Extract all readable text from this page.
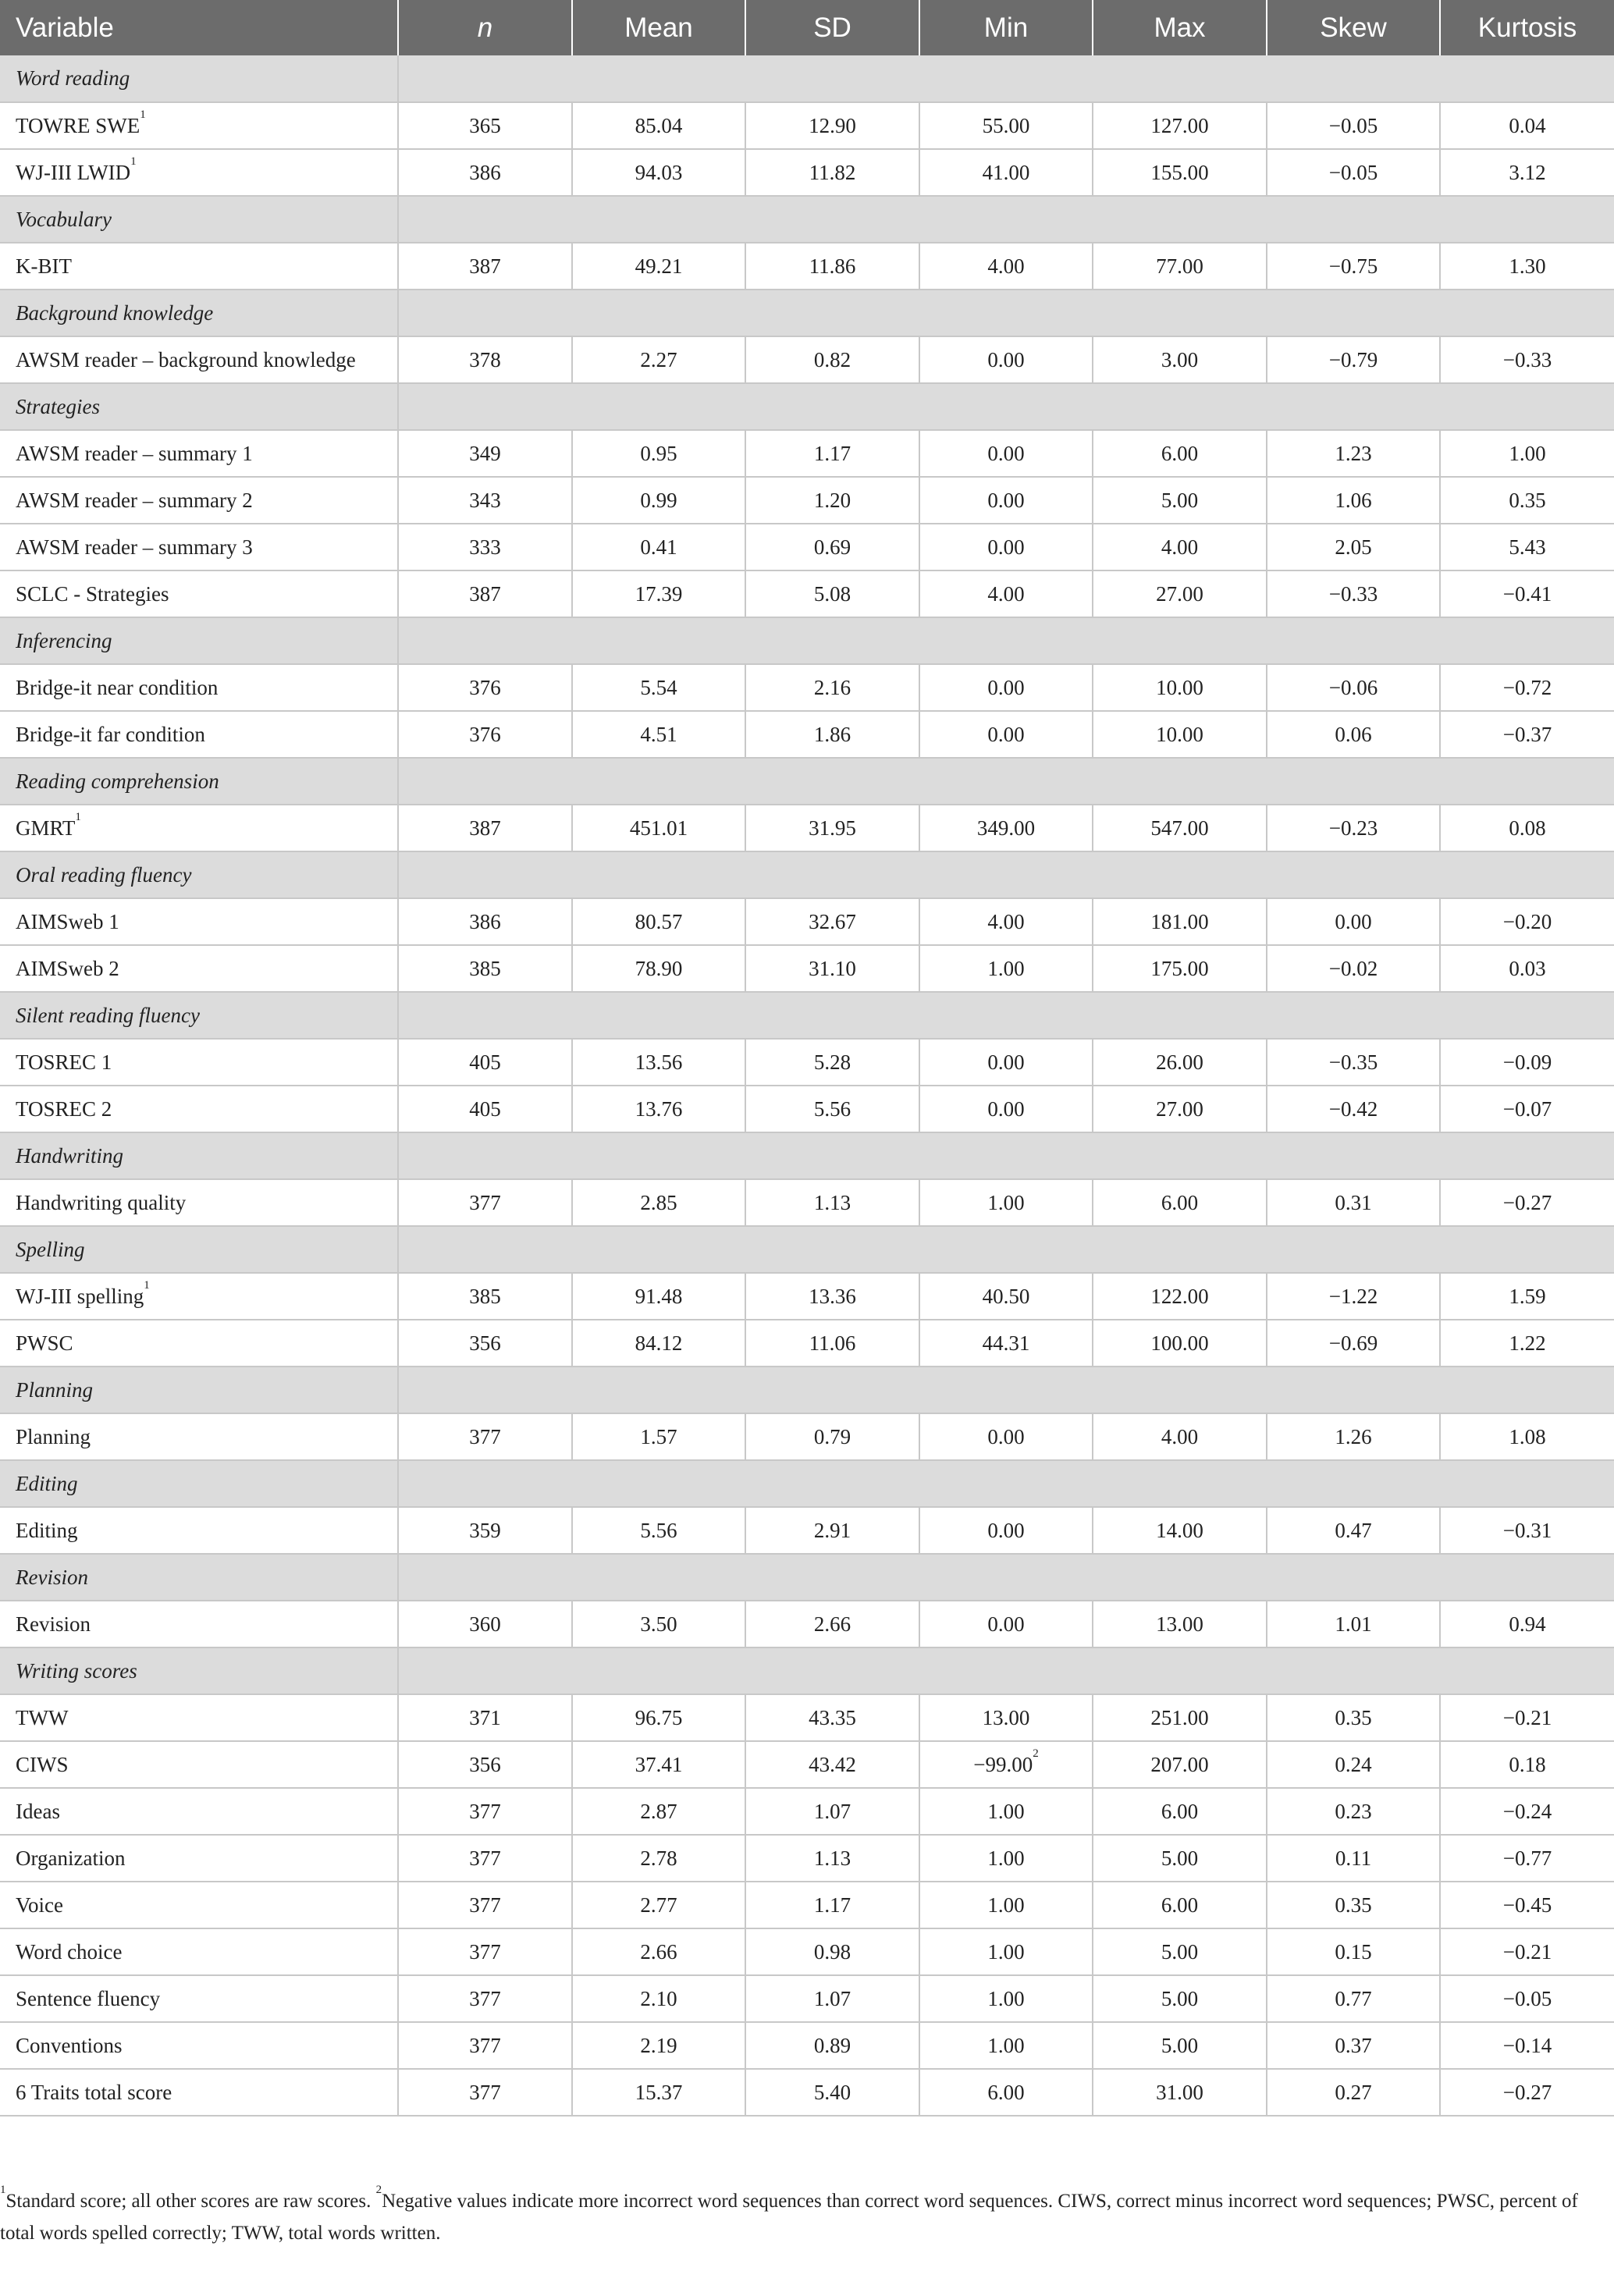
Variable	n	Mean	SD	Min	Max	Skew	Kurtosis
Word reading							
TOWRE SWE$^1$	365	85.04	12.90	55.00	127.00	−0.05	0.04
WJ-III LWID$^1$	386	94.03	11.82	41.00	155.00	−0.05	3.12
Vocabulary							
K-BIT	387	49.21	11.86	4.00	77.00	−0.75	1.30
Background knowledge							
AWSM reader – background knowledge	378	2.27	0.82	0.00	3.00	−0.79	−0.33
Strategies							
AWSM reader – summary 1	349	0.95	1.17	0.00	6.00	1.23	1.00
AWSM reader – summary 2	343	0.99	1.20	0.00	5.00	1.06	0.35
AWSM reader – summary 3	333	0.41	0.69	0.00	4.00	2.05	5.43
SCLC - Strategies	387	17.39	5.08	4.00	27.00	−0.33	−0.41
Inferencing							
Bridge-it near condition	376	5.54	2.16	0.00	10.00	−0.06	−0.72
Bridge-it far condition	376	4.51	1.86	0.00	10.00	0.06	−0.37
Reading comprehension							
GMRT$^1$	387	451.01	31.95	349.00	547.00	−0.23	0.08
Oral reading fluency							
AIMSweb 1	386	80.57	32.67	4.00	181.00	0.00	−0.20
AIMSweb 2	385	78.90	31.10	1.00	175.00	−0.02	0.03
Silent reading fluency							
TOSREC 1	405	13.56	5.28	0.00	26.00	−0.35	−0.09
TOSREC 2	405	13.76	5.56	0.00	27.00	−0.42	−0.07
Handwriting							
Handwriting quality	377	2.85	1.13	1.00	6.00	0.31	−0.27
Spelling							
WJ-III spelling$^1$	385	91.48	13.36	40.50	122.00	−1.22	1.59
PWSC	356	84.12	11.06	44.31	100.00	−0.69	1.22
Planning							
Planning	377	1.57	0.79	0.00	4.00	1.26	1.08
Editing							
Editing	359	5.56	2.91	0.00	14.00	0.47	−0.31
Revision							
Revision	360	3.50	2.66	0.00	13.00	1.01	0.94
Writing scores							
TWW	371	96.75	43.35	13.00	251.00	0.35	−0.21
CIWS	356	37.41	43.42	$-99.00^2$	207.00	0.24	0.18
Ideas	377	2.87	1.07	1.00	6.00	0.23	−0.24
Organization	377	2.78	1.13	1.00	5.00	0.11	−0.77
Voice	377	2.77	1.17	1.00	6.00	0.35	−0.45
Word choice	377	2.66	0.98	1.00	5.00	0.15	−0.21
Sentence fluency	377	2.10	1.07	1.00	5.00	0.77	−0.05
Conventions	377	2.19	0.89	1.00	5.00	0.37	−0.14
6 Traits total score	377	15.37	5.40	6.00	31.00	0.27	−0.27
$^1$Standard score; all other scores are raw scores. $^2$Negative values indicate more incorrect word sequences than correct word sequences. CIWS, correct minus incorrect word sequences; PWSC, percent of total words spelled correctly; TWW, total words written.
